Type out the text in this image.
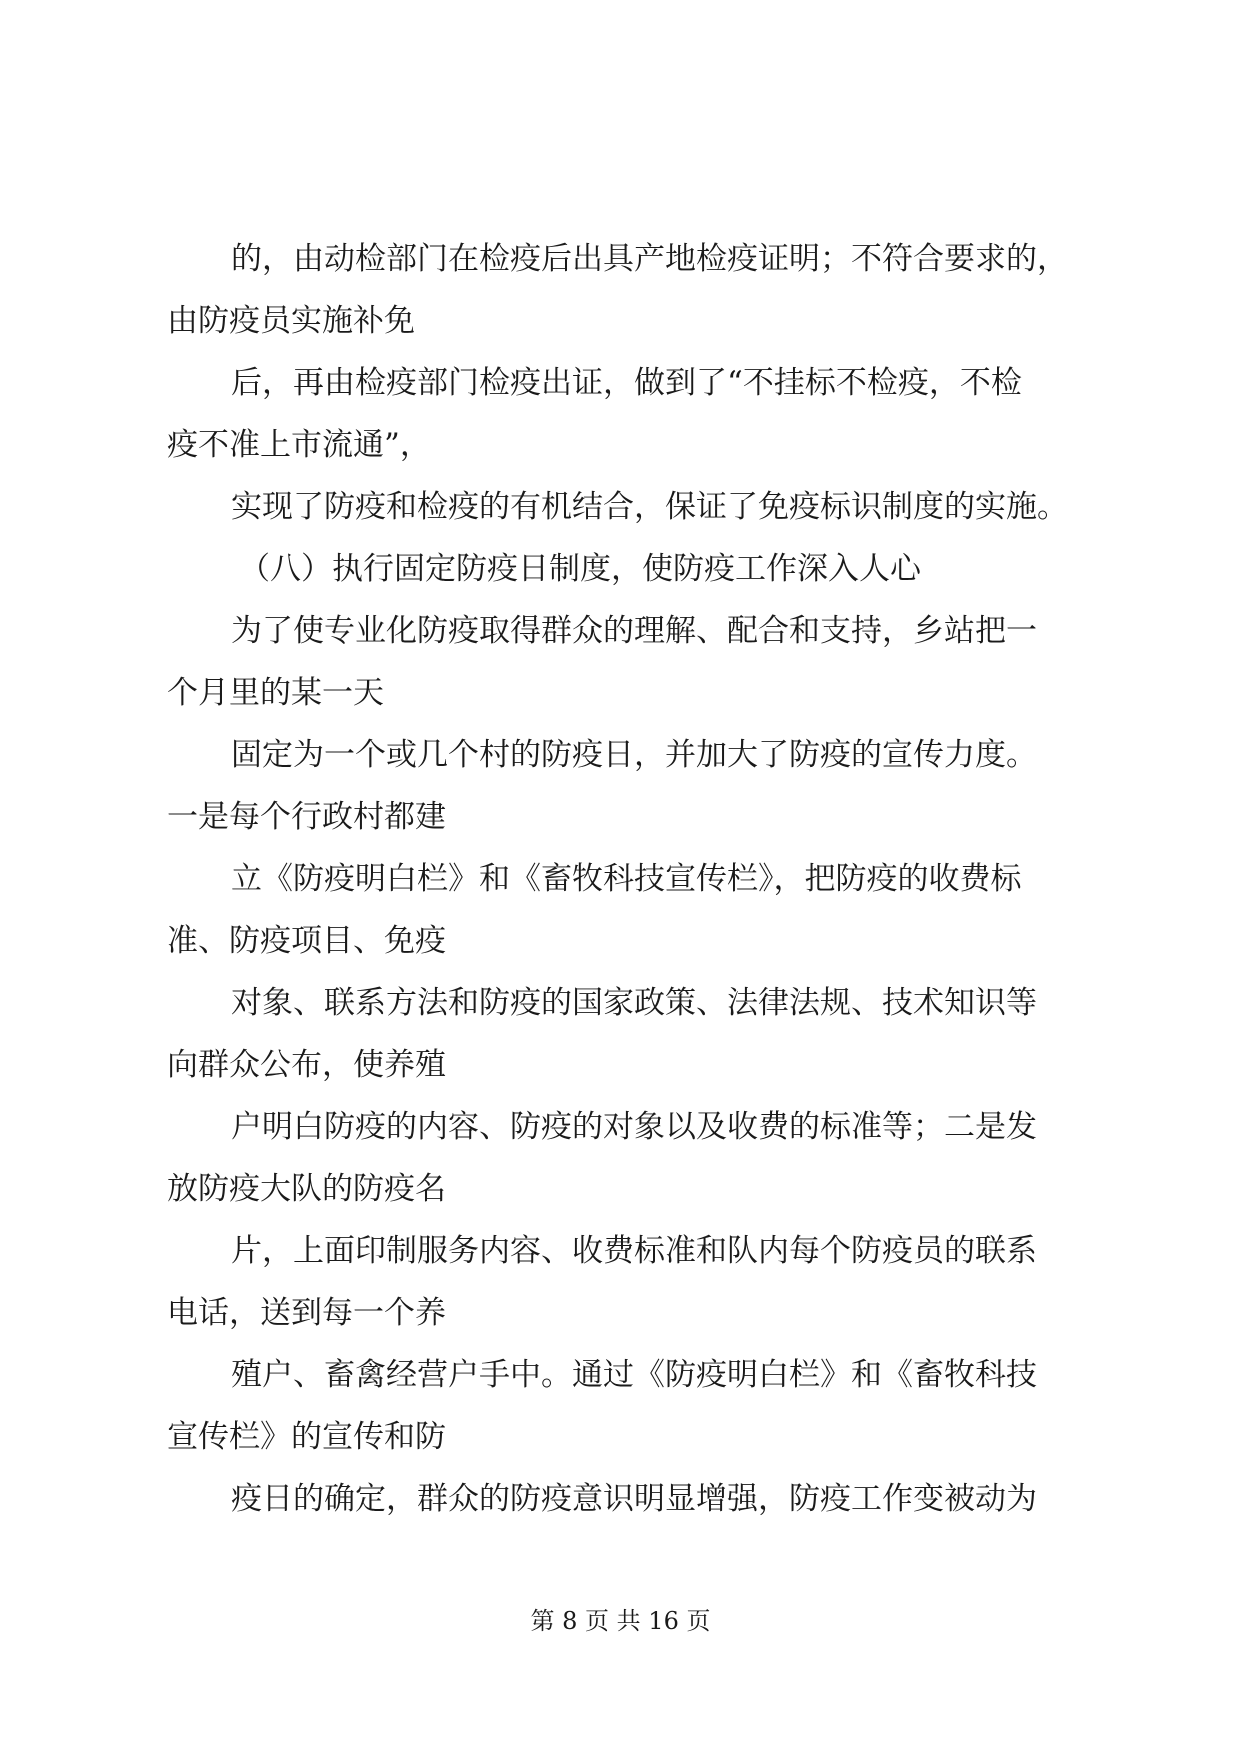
的，由动检部门在检疫后出具产地检疫证明；不符合要求的，
由防疫员实施补免
后，再由检疫部门检疫出证，做到了“不挂标不检疫，不检
疫不准上市流通”，
实现了防疫和检疫的有机结合，保证了免疫标识制度的实施。
（八）执行固定防疫日制度，使防疫工作深入人心
为了使专业化防疫取得群众的理解、配合和支持，乡站把一
个月里的某一天
固定为一个或几个村的防疫日，并加大了防疫的宣传力度。
一是每个行政村都建
立《防疫明白栏》和《畜牧科技宣传栏》，把防疫的收费标
准、防疫项目、免疫
对象、联系方法和防疫的国家政策、法律法规、技术知识等
向群众公布，使养殖
户明白防疫的内容、防疫的对象以及收费的标准等；二是发
放防疫大队的防疫名
片，上面印制服务内容、收费标准和队内每个防疫员的联系
电话，送到每一个养
殖户、畜禽经营户手中。通过《防疫明白栏》和《畜牧科技
宣传栏》的宣传和防
疫日的确定，群众的防疫意识明显增强，防疫工作变被动为
第 8 页 共 16 页
